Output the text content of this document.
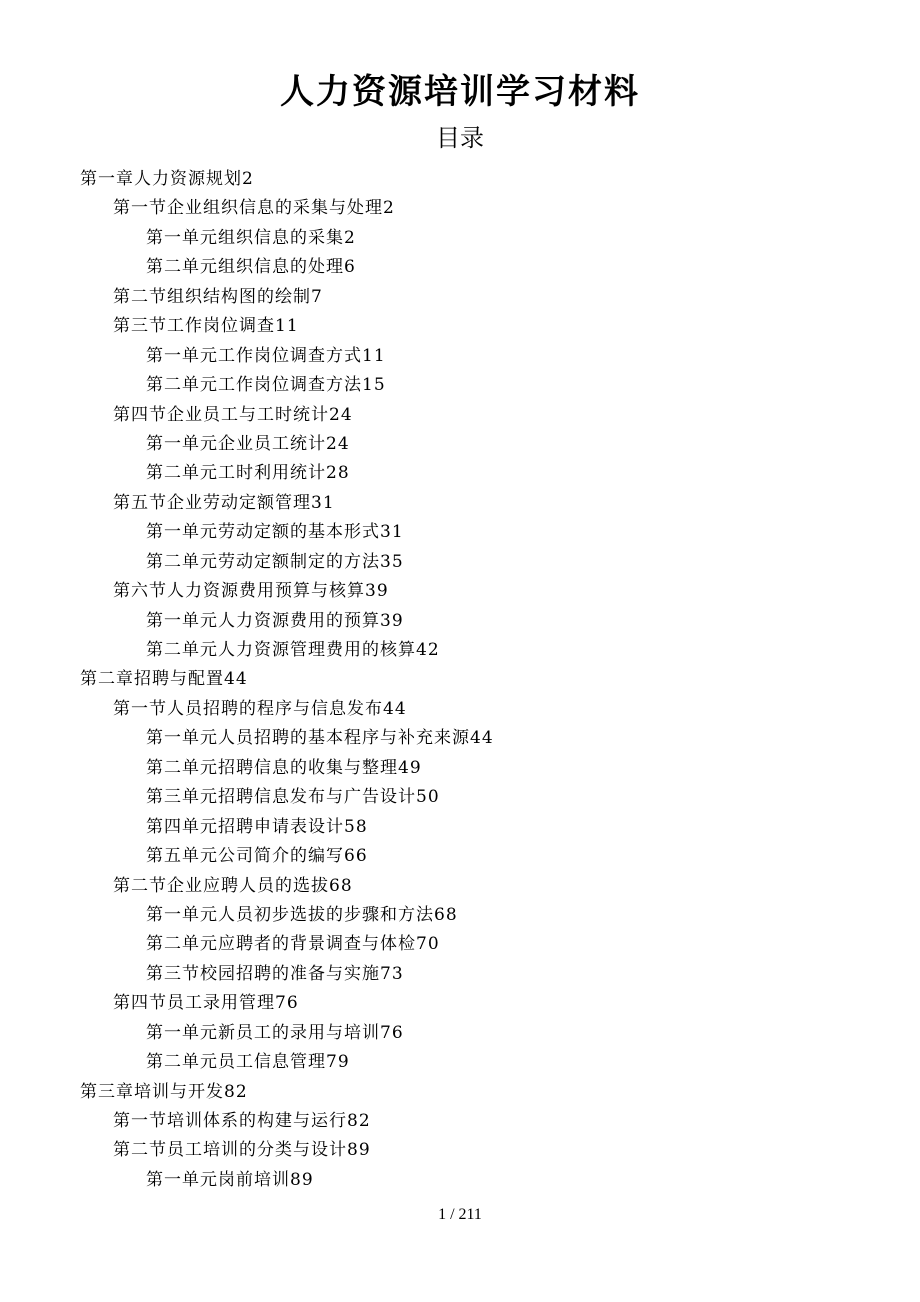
人力资源培训学习材料
目录
第一章人力资源规划2
第一节企业组织信息的采集与处理2
第一单元组织信息的采集2
第二单元组织信息的处理6
第二节组织结构图的绘制7
第三节工作岗位调查11
第一单元工作岗位调查方式11
第二单元工作岗位调查方法15
第四节企业员工与工时统计24
第一单元企业员工统计24
第二单元工时利用统计28
第五节企业劳动定额管理31
第一单元劳动定额的基本形式31
第二单元劳动定额制定的方法35
第六节人力资源费用预算与核算39
第一单元人力资源费用的预算39
第二单元人力资源管理费用的核算42
第二章招聘与配置44
第一节人员招聘的程序与信息发布44
第一单元人员招聘的基本程序与补充来源44
第二单元招聘信息的收集与整理49
第三单元招聘信息发布与广告设计50
第四单元招聘申请表设计58
第五单元公司简介的编写66
第二节企业应聘人员的选拔68
第一单元人员初步选拔的步骤和方法68
第二单元应聘者的背景调查与体检70
第三节校园招聘的准备与实施73
第四节员工录用管理76
第一单元新员工的录用与培训76
第二单元员工信息管理79
第三章培训与开发82
第一节培训体系的构建与运行82
第二节员工培训的分类与设计89
第一单元岗前培训89
1 / 211
